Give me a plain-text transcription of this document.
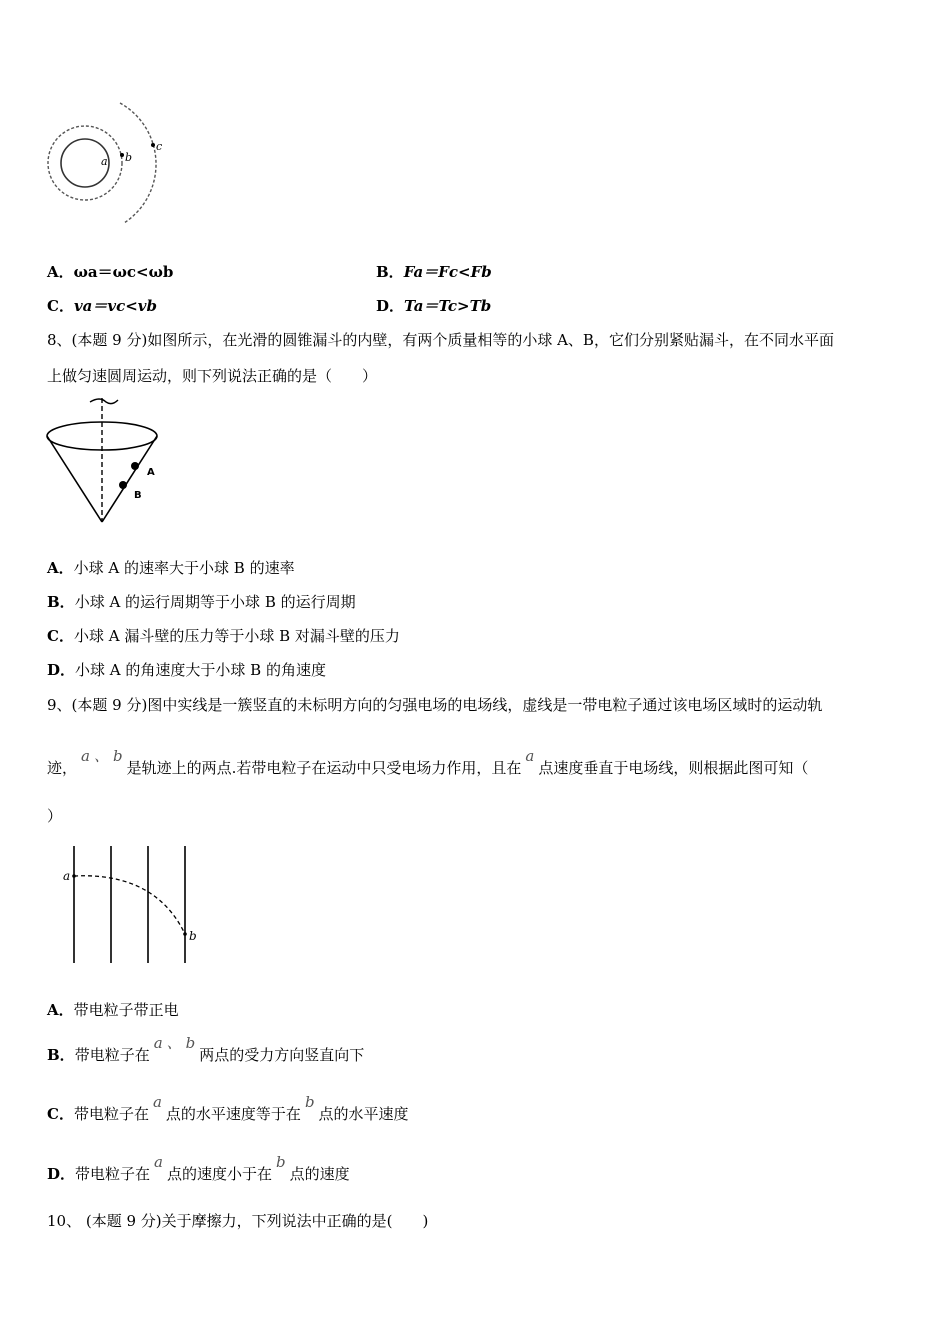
a b
c
A．ωa＝ωc<ωb	B．Fa＝Fc<Fb
C．va＝vc<vb	D．Ta＝Tc>Tb
8、(本题 9 分)如图所示，在光滑的圆锥漏斗的内壁，有两个质量相等的小球 A、B，它们分别紧贴漏斗，在不同水平面
上做匀速圆周运动，则下列说法正确的是（　　）
A
B
A．小球 A 的速率大于小球 B 的速率
B．小球 A 的运行周期等于小球 B 的运行周期
C．小球 A 漏斗壁的压力等于小球 B 对漏斗壁的压力
D．小球 A 的角速度大于小球 B 的角速度
9、(本题 9 分)图中实线是一簇竖直的未标明方向的匀强电场的电场线，虚线是一带电粒子通过该电场区域时的运动轨
迹，a 、 b是轨迹上的两点.若带电粒子在运动中只受电场力作用，且在a点速度垂直于电场线，则根据此图可知（
）
a
b
A．带电粒子带正电
B．带电粒子在a 、 b两点的受力方向竖直向下
C．带电粒子在a点的水平速度等于在b点的水平速度
D．带电粒子在a点的速度小于在b点的速度
10、 (本题 9 分)关于摩擦力，下列说法中正确的是(　　)
